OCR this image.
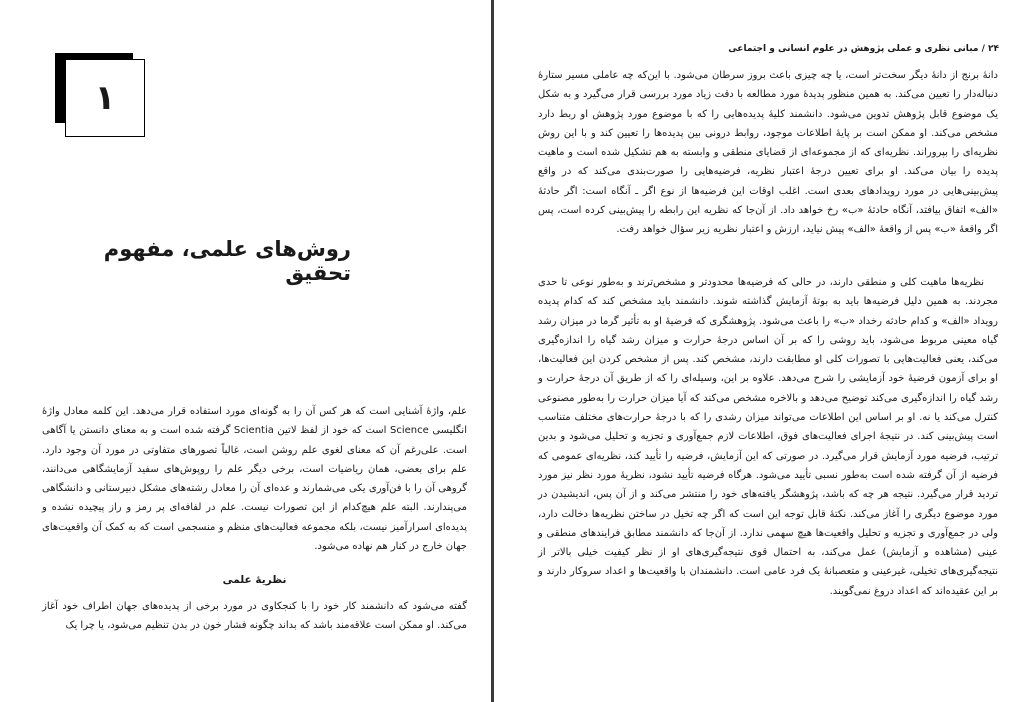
۱
روش‌های علمی، مفهوم تحقیق

علم، واژهٔ آشنایی است که هر کس آن را به گونه‌ای مورد استفاده قرار می‌دهد. این کلمه معادل واژهٔ انگلیسی Science است که خود از لفظ لاتین Scientia گرفته شده است و به معنای دانستن یا آگاهی است. علی‌رغم آن که معنای لغوی علم روشن است، غالباً تصورهای متفاوتی در مورد آن وجود دارد. علم برای بعضی، همان ریاضیات است، برخی دیگر علم را روپوش‌های سفید آزمایشگاهی می‌دانند، گروهی آن را با فن‌آوری یکی می‌شمارند و عده‌ای آن را معادل رشته‌های مشکل دبیرستانی و دانشگاهی می‌پندارند. البته علم هیچ‌کدام از این تصورات نیست. علم در لفافه‌ای پر رمز و راز پیچیده نشده و پدیده‌ای اسرارآمیز نیست، بلکه مجموعه فعالیت‌های منظم و منسجمی است که به کمک آن واقعیت‌های جهان خارج در کنار هم نهاده می‌شود.

نظریهٔ علمی

گفته می‌شود که دانشمند کار خود را با کنجکاوی در مورد برخی از پدیده‌های جهان اطراف خود آغاز می‌کند. او ممکن است علاقه‌مند باشد که بداند چگونه فشار خون در بدن تنظیم می‌شود، یا چرا یک

۲۴ / مبانی نظری و عملی پژوهش در علوم انسانی و اجتماعی

دانهٔ برنج از دانهٔ دیگر سخت‌تر است، یا چه چیزی باعث بروز سرطان می‌شود. با این‌که چه عاملی مسیر ستارهٔ دنباله‌دار را تعیین می‌کند. به همین منظور پدیدهٔ مورد مطالعه با دقت زیاد مورد بررسی قرار می‌گیرد و به شکل یک موضوع قابل پژوهش تدوین می‌شود. دانشمند کلیهٔ پدیده‌هایی را که با موضوع مورد پژوهش او ربط دارد مشخص می‌کند. او ممکن است بر پایهٔ اطلاعات موجود، روابط درونی بین پدیده‌ها را تعیین کند و با این روش نظریه‌ای را بپروراند. نظریه‌ای که از مجموعه‌ای از قضایای منطقی و وابسته به هم تشکیل شده است و ماهیت پدیده را بیان می‌کند. او برای تعیین درجهٔ اعتبار نظریه، فرضیه‌هایی را صورت‌بندی می‌کند که در واقع پیش‌بینی‌هایی در مورد رویدادهای بعدی است. اغلب اوقات این فرضیه‌ها از نوع اگر ـ آنگاه است: اگر حادثهٔ «الف» اتفاق بیافتد، آنگاه حادثهٔ «ب» رخ خواهد داد. از آن‌جا که نظریه این رابطه را پیش‌بینی کرده است، پس اگر واقعهٔ «ب» پس از واقعهٔ «الف» پیش نیاید، ارزش و اعتبار نظریه زیر سؤال خواهد رفت.

نظریه‌ها ماهیت کلی و منطقی دارند، در حالی که فرضیه‌ها محدودتر و مشخص‌ترند و به‌طور نوعی تا حدی مجردند. به همین دلیل فرضیه‌ها باید به بوتهٔ آزمایش گذاشته شوند. دانشمند باید مشخص کند که کدام پدیده رویداد «الف» و کدام حادثه رخداد «ب» را باعث می‌شود. پژوهشگری که فرضیهٔ او به تأثیر گرما در میزان رشد گیاه معینی مربوط می‌شود، باید روشی را که بر آن اساس درجهٔ حرارت و میزان رشد گیاه را اندازه‌گیری می‌کند، یعنی فعالیت‌هایی با تصورات کلی او مطابقت دارند، مشخص کند. پس از مشخص کردن این فعالیت‌ها، او برای آزمون فرضیهٔ خود آزمایشی را شرح می‌دهد. علاوه بر این، وسیله‌ای را که از طریق آن درجهٔ حرارت و رشد گیاه را اندازه‌گیری می‌کند توضیح می‌دهد و بالاخره مشخص می‌کند که آیا میزان حرارت را به‌طور مصنوعی کنترل می‌کند یا نه. او بر اساس این اطلاعات می‌تواند میزان رشدی را که با درجهٔ حرارت‌های مختلف متناسب است پیش‌بینی کند. در نتیجهٔ اجرای فعالیت‌های فوق، اطلاعات لازم جمع‌آوری و تجزیه و تحلیل می‌شود و بدین ترتیب، فرضیه مورد آزمایش قرار می‌گیرد. در صورتی که این آزمایش، فرضیه را تأیید کند، نظریه‌ای عمومی که فرضیه از آن گرفته شده است به‌طور نسبی تأیید می‌شود. هرگاه فرضیه تأیید نشود، نظریهٔ مورد نظر نیز مورد تردید قرار می‌گیرد. نتیجه هر چه که باشد، پژوهشگر یافته‌های خود را منتشر می‌کند و از آن پس، اندیشیدن در مورد موضوع دیگری را آغاز می‌کند. نکتهٔ قابل توجه این است که اگر چه تخیل در ساختن نظریه‌ها دخالت دارد، ولی در جمع‌آوری و تجزیه و تحلیل واقعیت‌ها هیچ سهمی ندارد. از آن‌جا که دانشمند مطابق فرایندهای منطقی و عینی (مشاهده و آزمایش) عمل می‌کند، به احتمال قوی نتیجه‌گیری‌های او از نظر کیفیت خیلی بالاتر از نتیجه‌گیری‌های تخیلی، غیرعینی و متعصبانهٔ یک فرد عامی است. دانشمندان با واقعیت‌ها و اعداد سروکار دارند و بر این عقیده‌اند که اعداد دروغ نمی‌گویند.
